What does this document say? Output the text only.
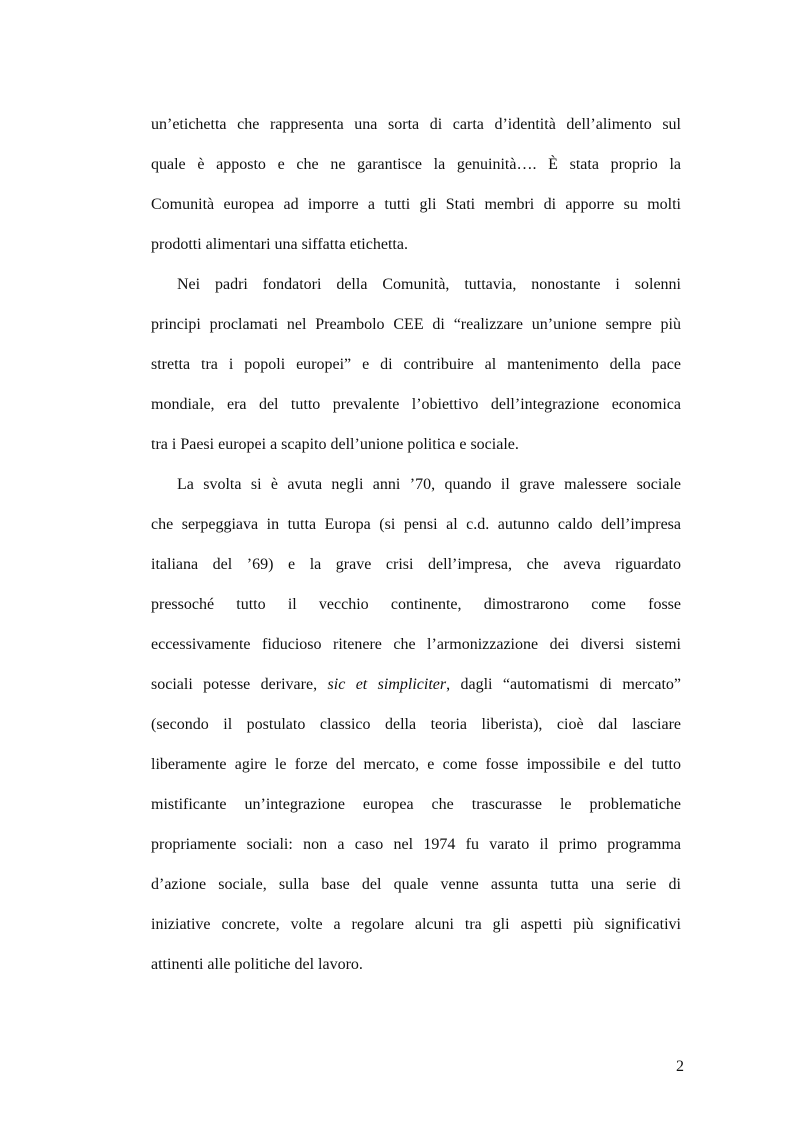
un’etichetta che rappresenta una sorta di carta d’identità dell’alimento sul
quale è apposto e che ne garantisce la genuinità…. È stata proprio la
Comunità europea ad imporre a tutti gli Stati membri di apporre su molti
prodotti alimentari una siffatta etichetta.
Nei padri fondatori della Comunità, tuttavia, nonostante i solenni
principi proclamati nel Preambolo CEE di “realizzare un’unione sempre più
stretta tra i popoli europei” e di contribuire al mantenimento della pace
mondiale, era del tutto prevalente l’obiettivo dell’integrazione economica
tra i Paesi europei a scapito dell’unione politica e sociale.
La svolta si è avuta negli anni ’70, quando il grave malessere sociale
che serpeggiava in tutta Europa (si pensi al c.d. autunno caldo dell’impresa
italiana del ’69) e la grave crisi dell’impresa, che aveva riguardato
pressoché tutto il vecchio continente, dimostrarono come fosse
eccessivamente fiducioso ritenere che l’armonizzazione dei diversi sistemi
sociali potesse derivare, sic et simpliciter, dagli “automatismi di mercato”
(secondo il postulato classico della teoria liberista), cioè dal lasciare
liberamente agire le forze del mercato, e come fosse impossibile e del tutto
mistificante un’integrazione europea che trascurasse le problematiche
propriamente sociali: non a caso nel 1974 fu varato il primo programma
d’azione sociale, sulla base del quale venne assunta tutta una serie di
iniziative concrete, volte a regolare alcuni tra gli aspetti più significativi
attinenti alle politiche del lavoro.
2
